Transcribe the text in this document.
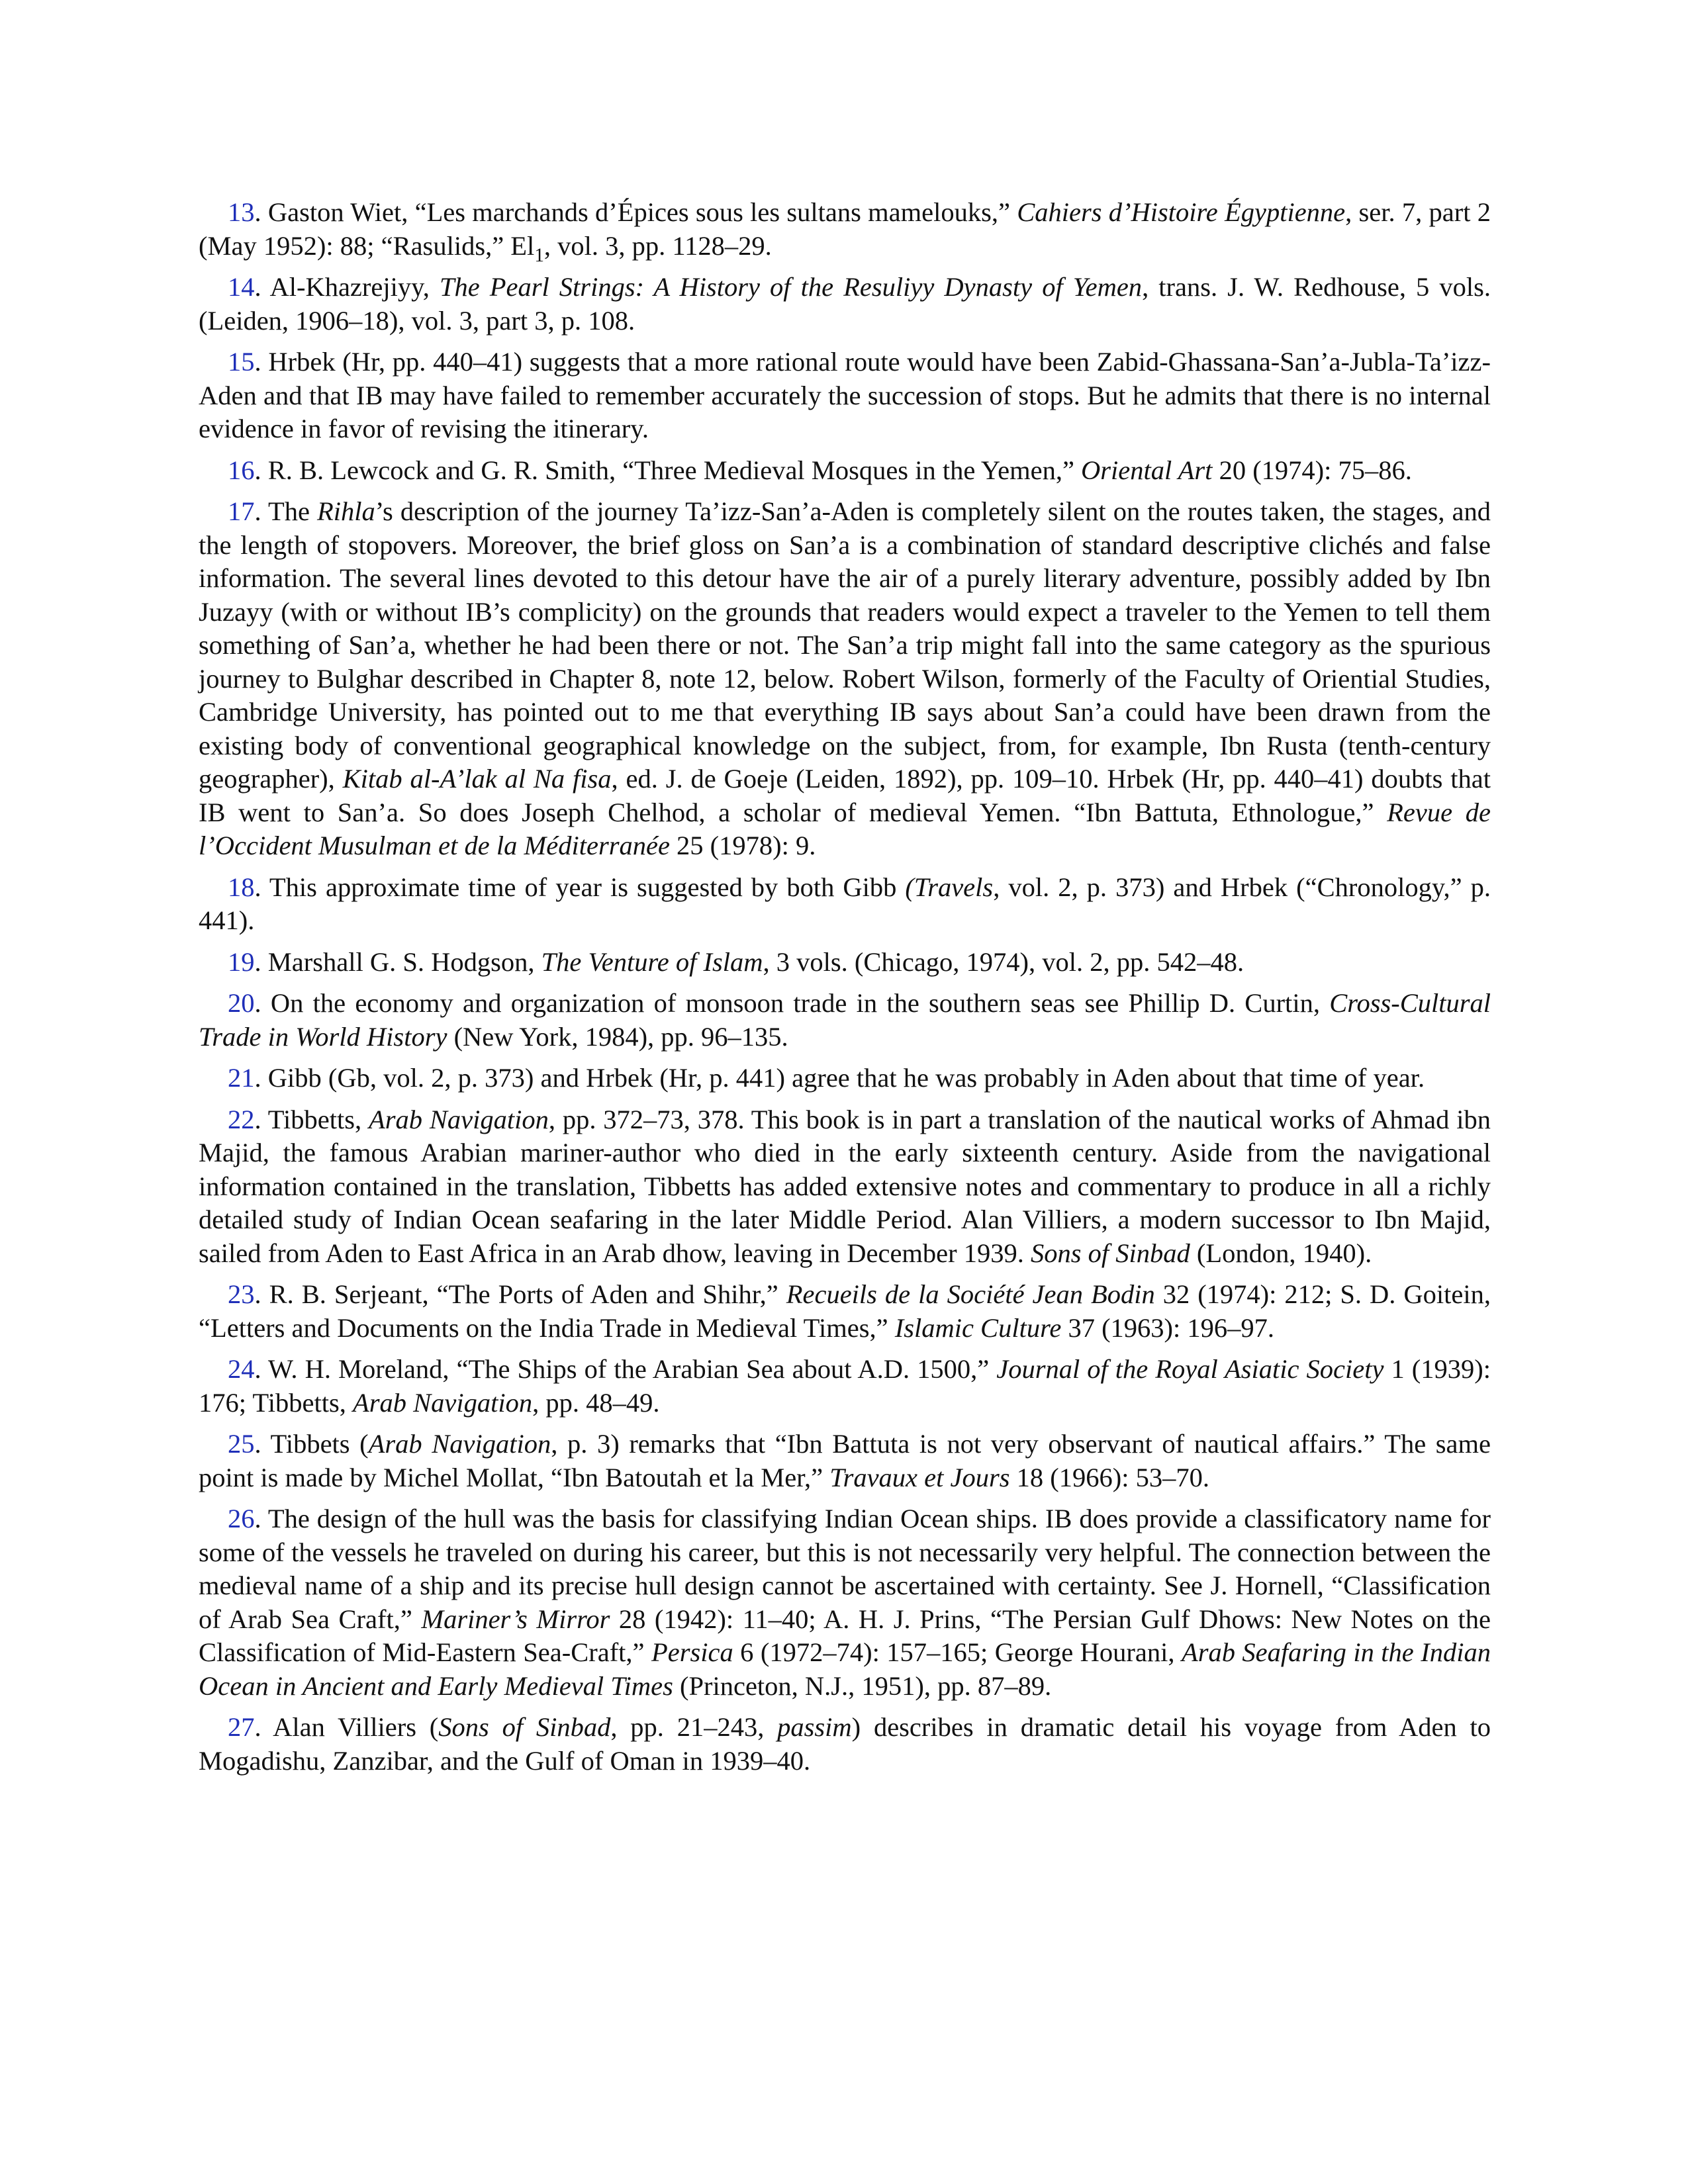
13. Gaston Wiet, “Les marchands d’Épices sous les sultans mamelouks,” Cahiers d’Histoire Égyptienne, ser. 7, part 2 (May 1952): 88; “Rasulids,” $El_1$, vol. 3, pp. 1128–29.

14. Al-Khazrejiyy, The Pearl Strings: A History of the Resuliyy Dynasty of Yemen, trans. J. W. Redhouse, 5 vols. (Leiden, 1906–18), vol. 3, part 3, p. 108.

15. Hrbek (Hr, pp. 440–41) suggests that a more rational route would have been Zabid-Ghassana-San’a-Jubla-Ta’izz-Aden and that IB may have failed to remember accurately the succession of stops. But he admits that there is no internal evidence in favor of revising the itinerary.

16. R. B. Lewcock and G. R. Smith, “Three Medieval Mosques in the Yemen,” Oriental Art 20 (1974): 75–86.

17. The Rihla’s description of the journey Ta’izz-San’a-Aden is completely silent on the routes taken, the stages, and the length of stopovers. Moreover, the brief gloss on San’a is a combination of standard descriptive clichés and false information. The several lines devoted to this detour have the air of a purely literary adventure, possibly added by Ibn Juzayy (with or without IB’s complicity) on the grounds that readers would expect a traveler to the Yemen to tell them something of San’a, whether he had been there or not. The San’a trip might fall into the same category as the spurious journey to Bulghar described in Chapter 8, note 12, below. Robert Wilson, formerly of the Faculty of Oriential Studies, Cambridge University, has pointed out to me that everything IB says about San’a could have been drawn from the existing body of conventional geographical knowledge on the subject, from, for example, Ibn Rusta (tenth-century geographer), Kitab al-A’lak al Na fisa, ed. J. de Goeje (Leiden, 1892), pp. 109–10. Hrbek (Hr, pp. 440–41) doubts that IB went to San’a. So does Joseph Chelhod, a scholar of medieval Yemen. “Ibn Battuta, Ethnologue,” Revue de l’Occident Musulman et de la Méditerranée 25 (1978): 9.

18. This approximate time of year is suggested by both Gibb (Travels, vol. 2, p. 373) and Hrbek (“Chronology,” p. 441).

19. Marshall G. S. Hodgson, The Venture of Islam, 3 vols. (Chicago, 1974), vol. 2, pp. 542–48.

20. On the economy and organization of monsoon trade in the southern seas see Phillip D. Curtin, Cross-Cultural Trade in World History (New York, 1984), pp. 96–135.

21. Gibb (Gb, vol. 2, p. 373) and Hrbek (Hr, p. 441) agree that he was probably in Aden about that time of year.

22. Tibbetts, Arab Navigation, pp. 372–73, 378. This book is in part a translation of the nautical works of Ahmad ibn Majid, the famous Arabian mariner-author who died in the early sixteenth century. Aside from the navigational information contained in the translation, Tibbetts has added extensive notes and commentary to produce in all a richly detailed study of Indian Ocean seafaring in the later Middle Period. Alan Villiers, a modern successor to Ibn Majid, sailed from Aden to East Africa in an Arab dhow, leaving in December 1939. Sons of Sinbad (London, 1940).

23. R. B. Serjeant, “The Ports of Aden and Shihr,” Recueils de la Société Jean Bodin 32 (1974): 212; S. D. Goitein, “Letters and Documents on the India Trade in Medieval Times,” Islamic Culture 37 (1963): 196–97.

24. W. H. Moreland, “The Ships of the Arabian Sea about A.D. 1500,” Journal of the Royal Asiatic Society 1 (1939): 176; Tibbetts, Arab Navigation, pp. 48–49.

25. Tibbets (Arab Navigation, p. 3) remarks that “Ibn Battuta is not very observant of nautical affairs.” The same point is made by Michel Mollat, “Ibn Batoutah et la Mer,” Travaux et Jours 18 (1966): 53–70.

26. The design of the hull was the basis for classifying Indian Ocean ships. IB does provide a classificatory name for some of the vessels he traveled on during his career, but this is not necessarily very helpful. The connection between the medieval name of a ship and its precise hull design cannot be ascertained with certainty. See J. Hornell, “Classification of Arab Sea Craft,” Mariner’s Mirror 28 (1942): 11–40; A. H. J. Prins, “The Persian Gulf Dhows: New Notes on the Classification of Mid-Eastern Sea-Craft,” Persica 6 (1972–74): 157–165; George Hourani, Arab Seafaring in the Indian Ocean in Ancient and Early Medieval Times (Princeton, N.J., 1951), pp. 87–89.

27. Alan Villiers (Sons of Sinbad, pp. 21–243, passim) describes in dramatic detail his voyage from Aden to Mogadishu, Zanzibar, and the Gulf of Oman in 1939–40.
